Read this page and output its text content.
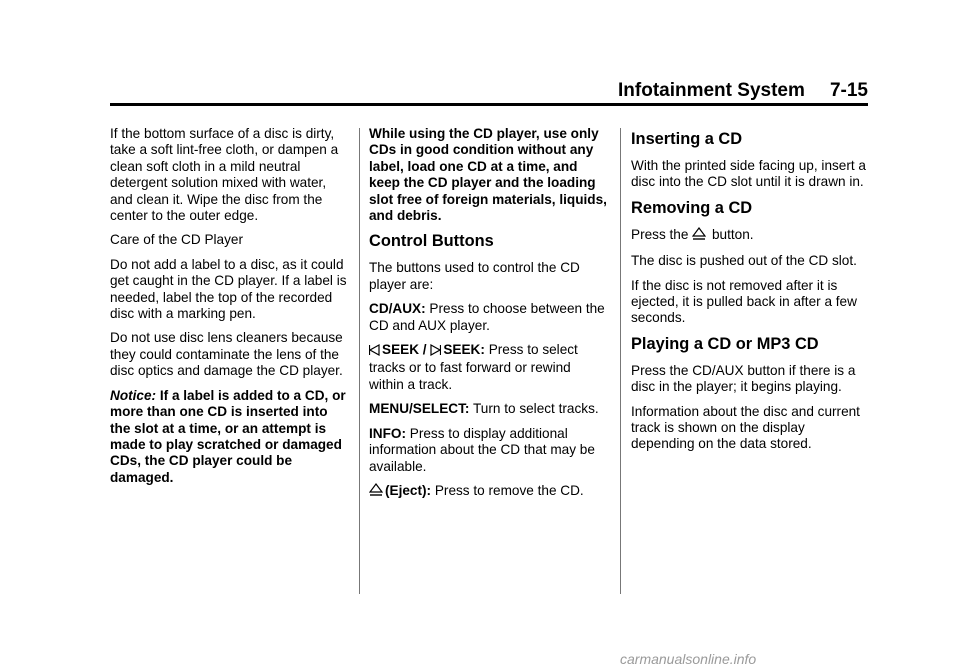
Infotainment System 7-15

If the bottom surface of a disc is dirty, take a soft lint-free cloth, or dampen a clean soft cloth in a mild neutral detergent solution mixed with water, and clean it. Wipe the disc from the center to the outer edge.

Care of the CD Player

Do not add a label to a disc, as it could get caught in the CD player. If a label is needed, label the top of the recorded disc with a marking pen.

Do not use disc lens cleaners because they could contaminate the lens of the disc optics and damage the CD player.

Notice: If a label is added to a CD, or more than one CD is inserted into the slot at a time, or an attempt is made to play scratched or damaged CDs, the CD player could be damaged.

While using the CD player, use only CDs in good condition without any label, load one CD at a time, and keep the CD player and the loading slot free of foreign materials, liquids, and debris.

Control Buttons

The buttons used to control the CD player are:

CD/AUX: Press to choose between the CD and AUX player.

SEEK / SEEK: Press to select tracks or to fast forward or rewind within a track.

MENU/SELECT: Turn to select tracks.

INFO: Press to display additional information about the CD that may be available.

(Eject): Press to remove the CD.

Inserting a CD

With the printed side facing up, insert a disc into the CD slot until it is drawn in.

Removing a CD

Press the button.

The disc is pushed out of the CD slot.

If the disc is not removed after it is ejected, it is pulled back in after a few seconds.

Playing a CD or MP3 CD

Press the CD/AUX button if there is a disc in the player; it begins playing.

Information about the disc and current track is shown on the display depending on the data stored.

carmanualsonline.info
